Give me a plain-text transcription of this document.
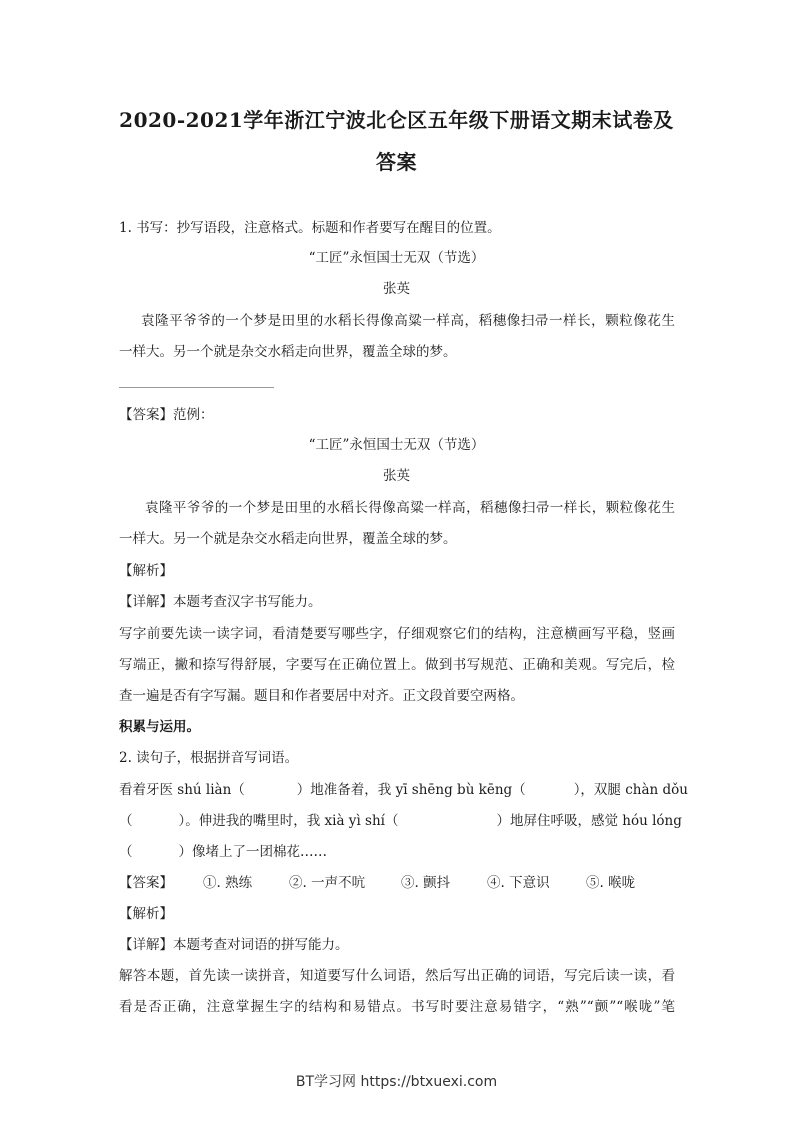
2020-2021学年浙江宁波北仑区五年级下册语文期末试卷及
答案
1. 书写：抄写语段，注意格式。标题和作者要写在醒目的位置。
“工匠”永恒国士无双（节选）
张英
袁隆平爷爷的一个梦是田里的水稻长得像高粱一样高，稻穗像扫帚一样长，颗粒像花生
一样大。另一个就是杂交水稻走向世界，覆盖全球的梦。
【答案】范例：
“工匠”永恒国士无双（节选）
张英
袁隆平爷爷的一个梦是田里的水稻长得像高粱一样高，稻穗像扫帚一样长，颗粒像花生
一样大。另一个就是杂交水稻走向世界，覆盖全球的梦。
【解析】
【详解】本题考查汉字书写能力。
写字前要先读一读字词，看清楚要写哪些字，仔细观察它们的结构，注意横画写平稳，竖画
写端正，撇和捺写得舒展，字要写在正确位置上。做到书写规范、正确和美观。写完后，检
查一遍是否有字写漏。题目和作者要居中对齐。正文段首要空两格。
积累与运用。
2. 读句子，根据拼音写词语。
看着牙医 shú liàn（	）地准备着，我 yī shēng bù kēng（	），双腿 chàn dǒu
（	）。伸进我的嘴里时，我 xià yì shí（	）地屏住呼吸，感觉 hóu lóng
（	）像堵上了一团棉花……
【答案】 ①. 熟练	②. 一声不吭	③. 颤抖	④. 下意识	⑤. 喉咙
【解析】
【详解】本题考查对词语的拼写能力。
解答本题，首先读一读拼音，知道要写什么词语，然后写出正确的词语，写完后读一读，看
看是否正确，注意掌握生字的结构和易错点。书写时要注意易错字，“熟”“颤”“喉咙”笔
BT学习网 https://btxuexi.com
